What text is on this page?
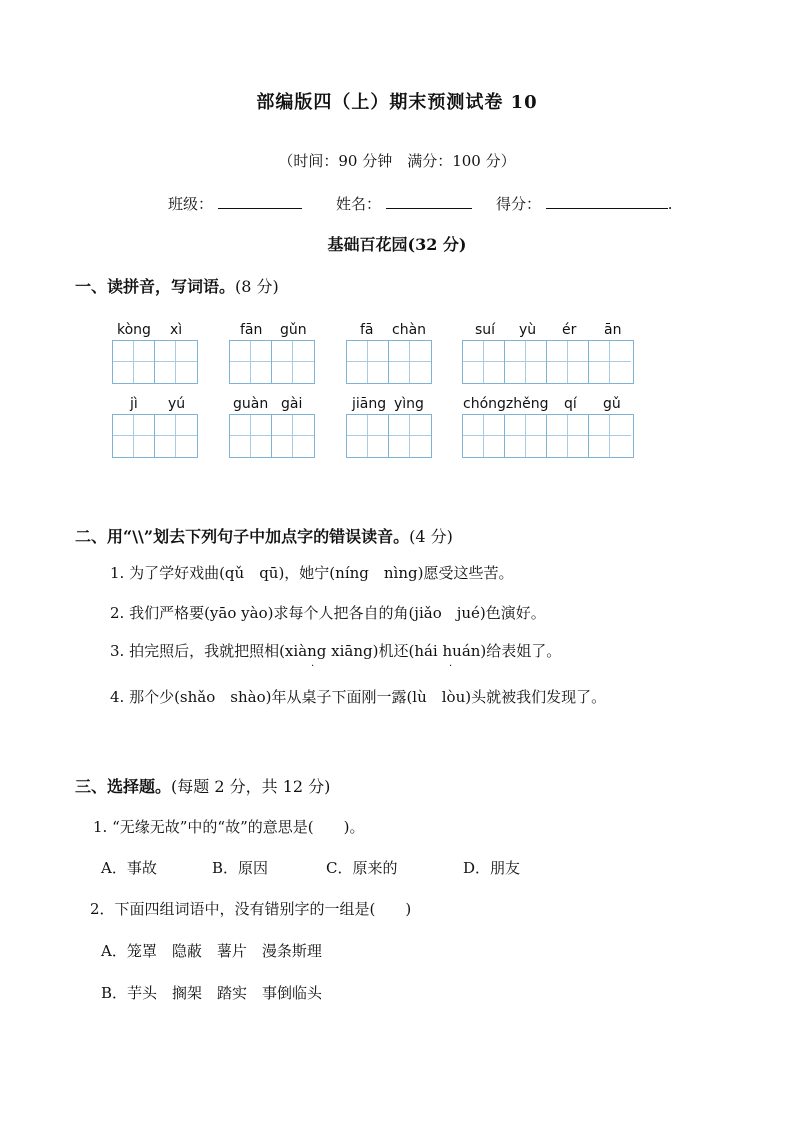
部编版四（上）期末预测试卷 10
（时间：90 分钟　满分：100 分）
班级：	姓名：	得分：	.
基础百花园(32 分)
一、读拼音，写词语。(8 分)
kòng xì	fān gǔn	fā chàn	suí yù ér ān
jì yú	guàn gài	jiāng yìng	chóngzhěng qí gǔ
二、用“\\”划去下列句子中加点字的错误读音。(4 分)
1. 为了学好戏曲(qǔ　qū)，她宁(níng　nìng)愿受这些苦。
2. 我们严格要(yāo yào)求每个人把各自的角(jiǎo　jué)色演好。
3. 拍完照后，我就把照相(xiàng xiāng)机还(hái huán)给表姐了。
·	·
4. 那个少(shǎo　shào)年从桌子下面刚一露(lù　lòu)头就被我们发现了。
三、选择题。(每题 2 分，共 12 分)
1. “无缘无故”中的“故”的意思是(　　)。
A．事故	B．原因	C．原来的	D．朋友
2．下面四组词语中，没有错别字的一组是(　　)
A．笼罩　隐蔽　薯片　漫条斯理
B．芋头　搁架　踏实　事倒临头
